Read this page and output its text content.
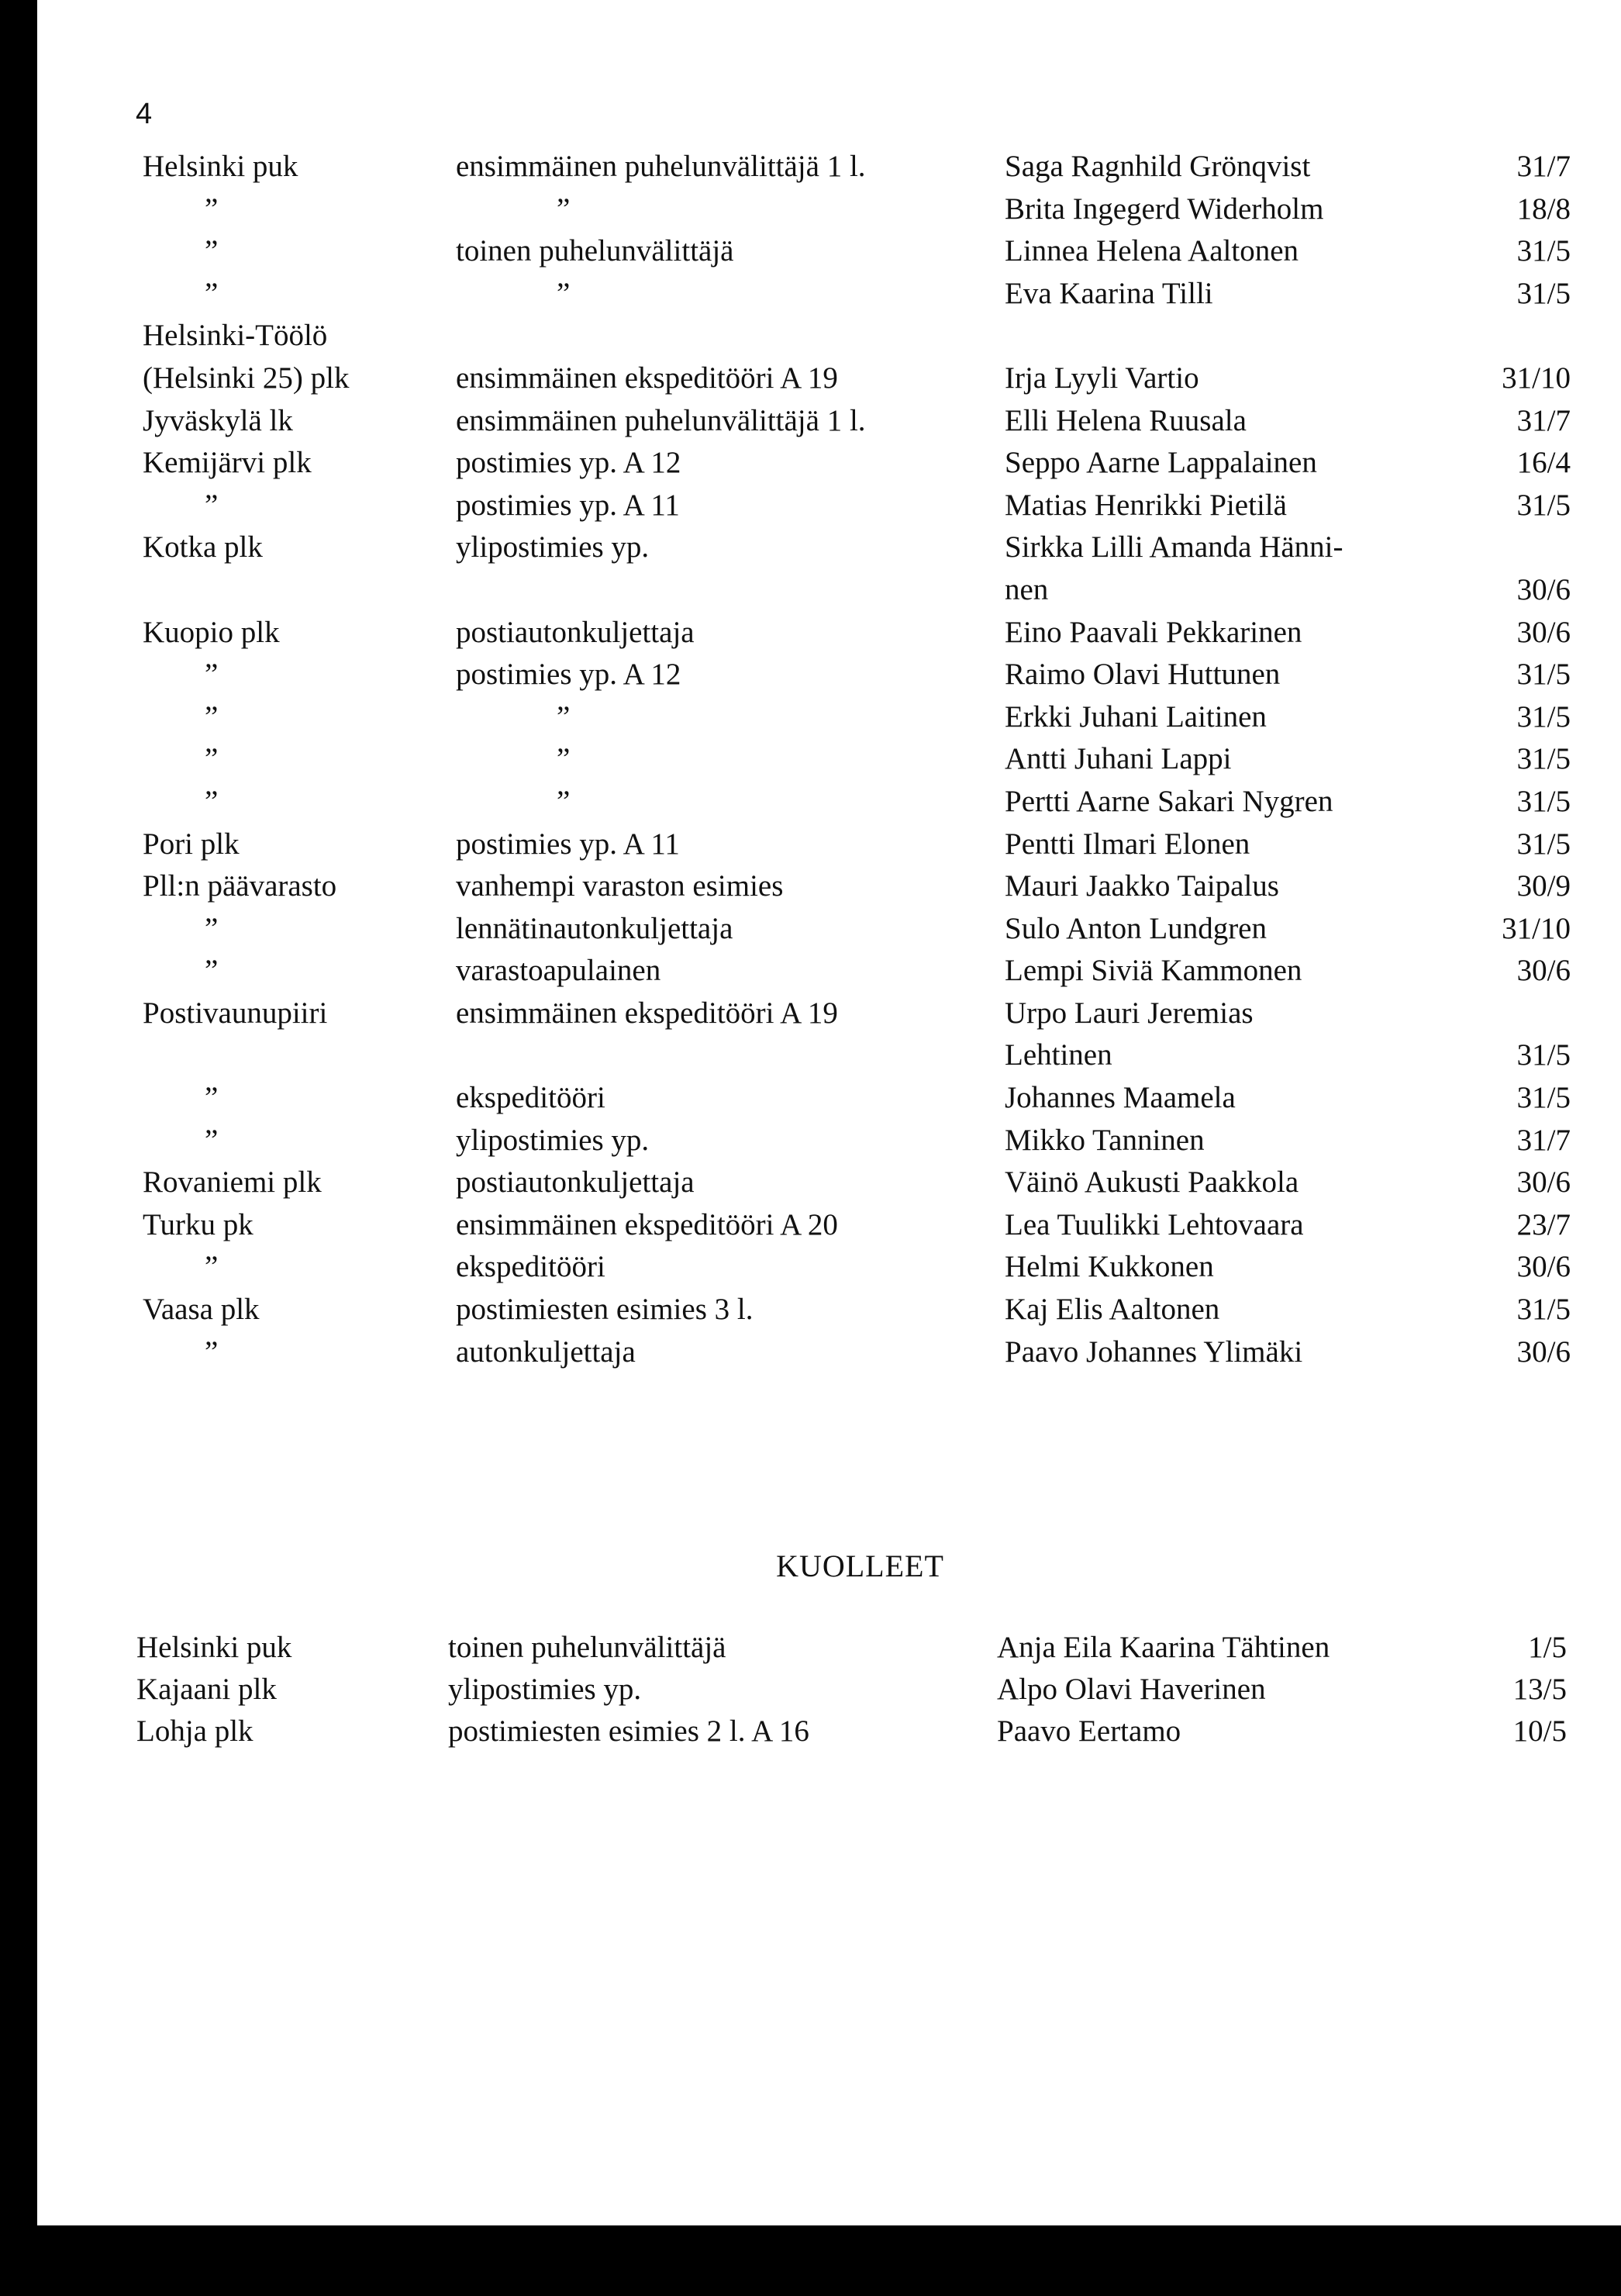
4
Helsinki puk	ensimmäinen puhelunvälittäjä 1 l.	Saga Ragnhild Grönqvist	31/7
”	”	Brita Ingegerd Widerholm	18/8
”	toinen puhelunvälittäjä	Linnea Helena Aaltonen	31/5
”	”	Eva Kaarina Tilli	31/5
Helsinki-Töölö
(Helsinki 25) plk	ensimmäinen ekspeditööri A 19	Irja Lyyli Vartio	31/10
Jyväskylä lk	ensimmäinen puhelunvälittäjä 1 l.	Elli Helena Ruusala	31/7
Kemijärvi plk	postimies yp. A 12	Seppo Aarne Lappalainen	16/4
”	postimies yp. A 11	Matias Henrikki Pietilä	31/5
Kotka plk	ylipostimies yp.	Sirkka Lilli Amanda Hänni-
nen	30/6
Kuopio plk	postiautonkuljettaja	Eino Paavali Pekkarinen	30/6
”	postimies yp. A 12	Raimo Olavi Huttunen	31/5
”	”	Erkki Juhani Laitinen	31/5
”	”	Antti Juhani Lappi	31/5
”	”	Pertti Aarne Sakari Nygren	31/5
Pori plk	postimies yp. A 11	Pentti Ilmari Elonen	31/5
Pll:n päävarasto	vanhempi varaston esimies	Mauri Jaakko Taipalus	30/9
”	lennätinautonkuljettaja	Sulo Anton Lundgren	31/10
”	varastoapulainen	Lempi Siviä Kammonen	30/6
Postivaunupiiri	ensimmäinen ekspeditööri A 19	Urpo Lauri Jeremias
Lehtinen	31/5
”	ekspeditööri	Johannes Maamela	31/5
”	ylipostimies yp.	Mikko Tanninen	31/7
Rovaniemi plk	postiautonkuljettaja	Väinö Aukusti Paakkola	30/6
Turku pk	ensimmäinen ekspeditööri A 20	Lea Tuulikki Lehtovaara	23/7
”	ekspeditööri	Helmi Kukkonen	30/6
Vaasa plk	postimiesten esimies 3 l.	Kaj Elis Aaltonen	31/5
”	autonkuljettaja	Paavo Johannes Ylimäki	30/6
KUOLLEET
Helsinki puk	toinen puhelunvälittäjä	Anja Eila Kaarina Tähtinen	1/5
Kajaani plk	ylipostimies yp.	Alpo Olavi Haverinen	13/5
Lohja plk	postimiesten esimies 2 l. A 16	Paavo Eertamo	10/5
